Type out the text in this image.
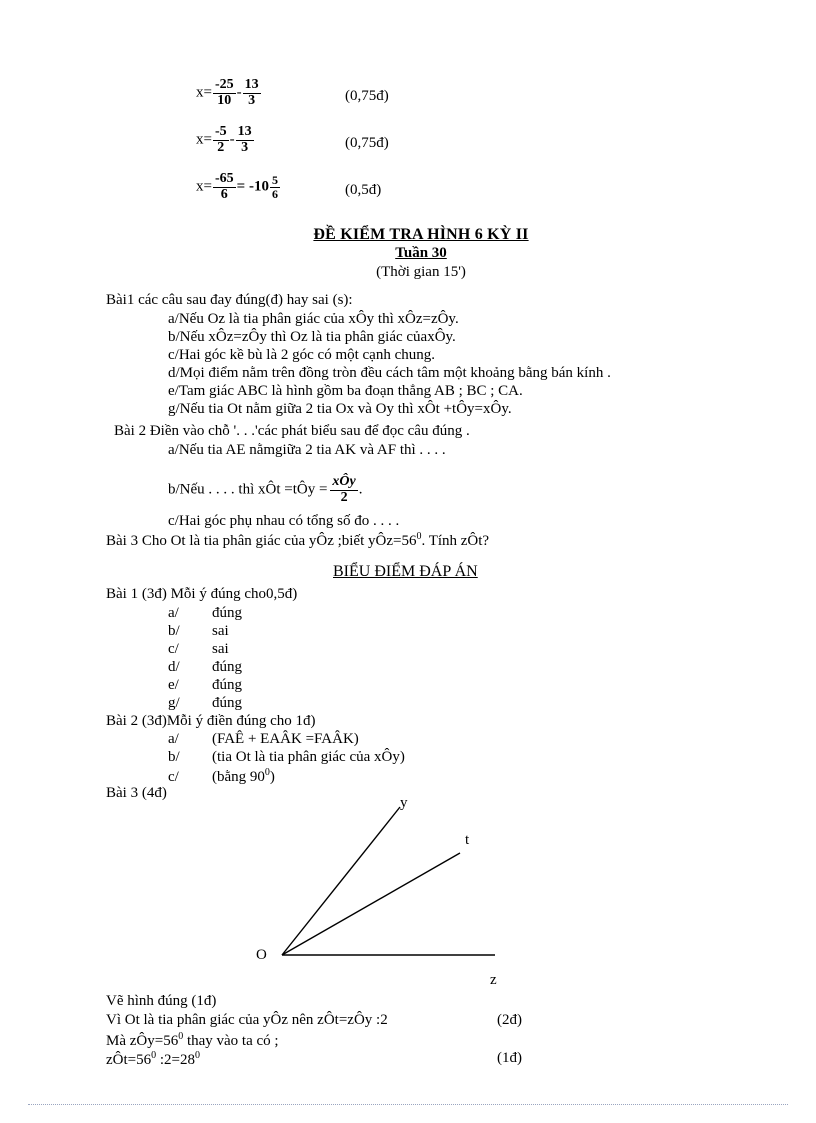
$x= \frac{-25}{10} - \frac{13}{3}$	(0,75đ)
$x= \frac{-5}{2} - \frac{13}{3}$	(0,75đ)
$x= \frac{-65}{6} = -10 \frac{5}{6}$	(0,5đ)
ĐỀ KIỂM TRA HÌNH 6 KỲ II
Tuần 30
(Thời gian 15')
Bài1 các câu sau đay đúng(đ) hay sai (s):
a/Nếu Oz là tia phân giác của xÔy thì xÔz=zÔy.
b/Nếu xÔz=zÔy thì Oz là tia phân giác củaxÔy.
c/Hai góc kề bù là 2 góc có một cạnh chung.
d/Mọi điểm nằm trên đồng tròn đều cách tâm một khoảng bằng bán kính .
e/Tam giác ABC là hình gồm ba đoạn thẳng AB ; BC ; CA.
g/Nếu tia Ot nằm giữa 2 tia Ox và Oy thì xÔt +tÔy=xÔy.
Bài 2 Điền vào chỗ '. . .'các phát biểu sau để đọc câu đúng .
a/Nếu tia AE nằmgiữa 2 tia AK và AF thì . . . .
b/Nếu . . . . thì xÔt =tÔy = $\frac{\text{xÔy}}{2}$ .
c/Hai góc phụ nhau có tổng số đo . . . .
Bài 3 Cho Ot là tia phân giác của yÔz ;biết $yÔz=56^0$. Tính zÔt?
BIỂU ĐIỂM ĐÁP ÁN
Bài 1 (3đ) Mỗi ý đúng cho0,5đ)
a/ đúng
b/ sai
c/ sai
d/ đúng
e/ đúng
g/ đúng
Bài 2 (3đ)Mỗi ý điền đúng cho 1đ)
a/ (FAÊ + EAÂK =FAÂK)
b/ (tia Ot là tia phân giác của xÔy)
c/ (bằng $90^0$)
Bài 3 (4đ)
y
t
O
z
Vẽ hình đúng (1đ)
Vì Ot là tia phân giác của yÔz nên zÔt=zÔy :2	(2đ)
Mà $zÔy=56^0$ thay vào ta có ;
$zÔt=56^0$ $:2=28^0$	(1đ)
